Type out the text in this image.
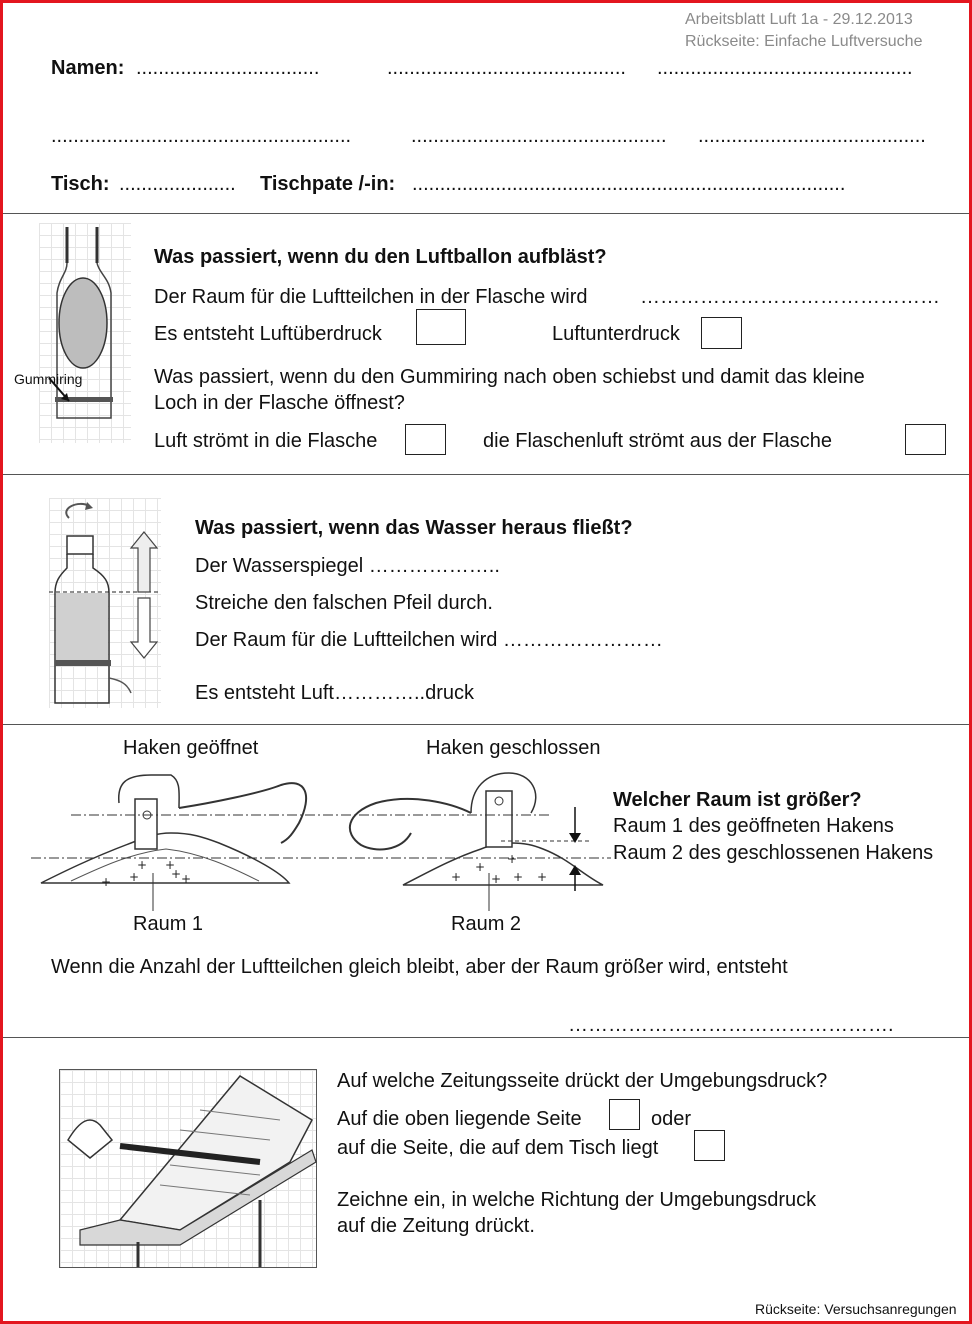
Arbeitsblatt Luft 1a - 29.12.2013
Rückseite: Einfache Luftversuche
Namen: .................................	........................................... ..............................................
......................................................	.............................................. .........................................
Tisch: ..................... Tischpate /-in: ..............................................................................
Gummiring
Was passiert, wenn du den Luftballon aufbläst?
Der Raum für die Luftteilchen in der Flasche wird	………………………………………
Es entsteht Luftüberdruck	Luftunterdruck
Was passiert, wenn du den Gummiring nach oben schiebst und damit das kleine
Loch in der Flasche öffnest?
Luft strömt in die Flasche	die Flaschenluft strömt aus der Flasche
Was passiert, wenn das Wasser heraus fließt?
Der Wasserspiegel ………………..
Streiche den falschen Pfeil durch.
Der Raum für die Luftteilchen wird ……………………
Es entsteht Luft…………..druck
Haken geöffnet	Haken geschlossen
+ +
+ +
+ +	+
+
+
+ + +
Welcher Raum ist größer?
Raum 1 des geöffneten Hakens
Raum 2 des geschlossenen Hakens
Raum 1	Raum 2
Wenn die Anzahl der Luftteilchen gleich bleibt, aber der Raum größer wird, entsteht
………………………………………….
Auf welche Zeitungsseite drückt der Umgebungsdruck?
Auf die oben liegende Seite	oder
auf die Seite, die auf dem Tisch liegt
Zeichne ein, in welche Richtung der Umgebungsdruck
auf die Zeitung drückt.
Rückseite: Versuchsanregungen
